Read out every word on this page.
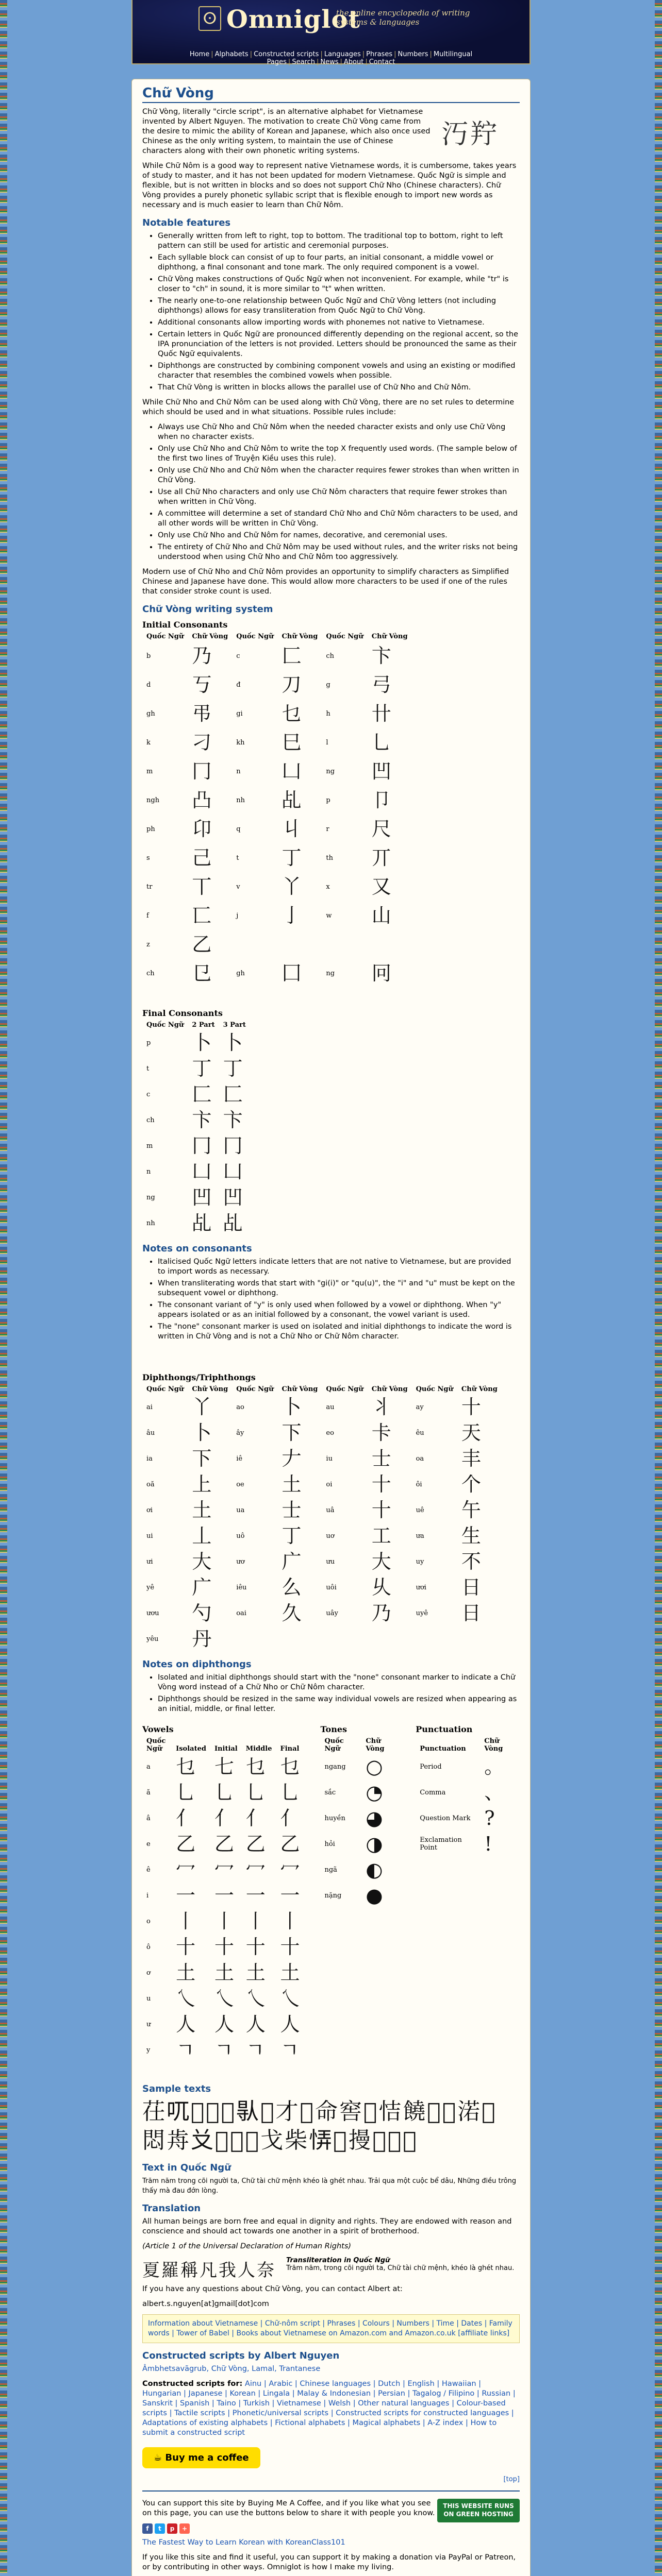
ⵙ Omniglot
the online encyclopedia of writing systems & languages
Home | Alphabets | Constructed scripts | Languages | Phrases | Numbers | Multilingual Pages | Search | News | About | Contact
Chữ Vòng
汅羜

Chữ Vòng, literally "circle script", is an alternative alphabet for Vietnamese invented by Albert Nguyen. The motivation to create Chữ Vòng came from the desire to mimic the ability of Korean and Japanese, which also once used Chinese as the only writing system, to maintain the use of Chinese characters along with their own phonetic writing systems.

While Chữ Nôm is a good way to represent native Vietnamese words, it is cumbersome, takes years of study to master, and it has not been updated for modern Vietnamese. Quốc Ngữ is simple and flexible, but is not written in blocks and so does not support Chữ Nho (Chinese characters). Chữ Vòng provides a purely phonetic syllabic script that is flexible enough to import new words as necessary and is much easier to learn than Chữ Nôm.

Notable features
• Generally written from left to right, top to bottom. The traditional top to bottom, right to left pattern can still be used for artistic and ceremonial purposes.
• Each syllable block can consist of up to four parts, an initial consonant, a middle vowel or diphthong, a final consonant and tone mark. The only required component is a vowel.
• Chữ Vòng makes constructions of Quốc Ngữ when not inconvenient. For example, while "tr" is closer to "ch" in sound, it is more similar to "t" when written.
• The nearly one-to-one relationship between Quốc Ngữ and Chữ Vòng letters (not including diphthongs) allows for easy transliteration from Quốc Ngữ to Chữ Vòng.
• Additional consonants allow importing words with phonemes not native to Vietnamese.
• Certain letters in Quốc Ngữ are pronounced differently depending on the regional accent, so the IPA pronunciation of the letters is not provided. Letters should be pronounced the same as their Quốc Ngữ equivalents.
• Diphthongs are constructed by combining component vowels and using an existing or modified character that resembles the combined vowels when possible.
• That Chữ Vòng is written in blocks allows the parallel use of Chữ Nho and Chữ Nôm.

While Chữ Nho and Chữ Nôm can be used along with Chữ Vòng, there are no set rules to determine which should be used and in what situations. Possible rules include:

• Always use Chữ Nho and Chữ Nôm when the needed character exists and only use Chữ Vòng when no character exists.
• Only use Chữ Nho and Chữ Nôm to write the top X frequently used words. (The sample below of the first two lines of Truyện Kiều uses this rule).
• Only use Chữ Nho and Chữ Nôm when the character requires fewer strokes than when written in Chữ Vòng.
• Use all Chữ Nho characters and only use Chữ Nôm characters that require fewer strokes than when written in Chữ Vòng.
• A committee will determine a set of standard Chữ Nho and Chữ Nôm characters to be used, and all other words will be written in Chữ Vòng.
• Only use Chữ Nho and Chữ Nôm for names, decorative, and ceremonial uses.
• The entirety of Chữ Nho and Chữ Nôm may be used without rules, and the writer risks not being understood when using Chữ Nho and Chữ Nôm too aggressively.

Modern use of Chữ Nho and Chữ Nôm provides an opportunity to simplify characters as Simplified Chinese and Japanese have done. This would allow more characters to be used if one of the rules that consider stroke count is used.

Chữ Vòng writing system
Initial Consonants
Quốc Ngữ	Chữ Vòng	Quốc Ngữ	Chữ Vòng	Quốc Ngữ	Chữ Vòng
b	乃	c	匚	ch	卞
d	丂	đ	刀	g	弓
gh	弔	gi	乜	h	卄
k	刁	kh	巳	l	乚
m	冂	n	凵	ng	凹
ngh	凸	nh	乩	p	卩
ph	卬	q	丩	r	尺
s	己	t	丁	th	丌
tr	丅	v	丫	x	又
f	匸	j	亅	w	山
z	乙				
ch	㔾	gh	囗	ng	冋
Final Consonants
Quốc Ngữ	2 Part	3 Part
p	卜	卜
t	丁	丁
c	匚	匚
ch	卞	卞
m	冂	冂
n	凵	凵
ng	凹	凹
nh	乩	乩
Notes on consonants
• Italicised Quốc Ngữ letters indicate letters that are not native to Vietnamese, but are provided to import words as necessary.
• When transliterating words that start with "gi(i)" or "qu(u)", the "i" and "u" must be kept on the subsequent vowel or diphthong.
• The consonant variant of "y" is only used when followed by a vowel or diphthong. When "y" appears isolated or as an initial followed by a consonant, the vowel variant is used.
• The "none" consonant marker is used on isolated and initial diphthongs to indicate the word is written in Chữ Vòng and is not a Chữ Nho or Chữ Nôm character.
Diphthongs/Triphthongs
Quốc Ngữ	Chữ Vòng	Quốc Ngữ	Chữ Vòng	Quốc Ngữ	Chữ Vòng	Quốc Ngữ	Chữ Vòng
ai	丫	ao	卜	au	丬	ay	十
âu	卜	ây	下	eo	卡	êu	天
ia	下	iê	𠂇	iu	士	oa	丰
oă	上	oe	土	oi	十	ôi	个
ơi	土	ua	士	uâ	十	uê	午
ui	丄	uô	丁	uơ	工	ưa	生
ưi	大	ươ	广	ưu	大	uy	不
yê	广	iêu	么	uôi	乆	ươi	日
ươu	勺	oai	久	uây	乃	uyê	日
yêu	丹						
Notes on diphthongs
• Isolated and initial diphthongs should start with the "none" consonant marker to indicate a Chữ Vòng word instead of a Chữ Nho or Chữ Nôm character.
• Diphthongs should be resized in the same way individual vowels are resized when appearing as an initial, middle, or final letter.
Vowels
Quốc Ngữ	Isolated	Initial	Middle	Final
a	乜	七	乜	乜
ă	乚	乚	乚	乚
â	亻	亻	亻	亻
e	乙	乙	乙	乙
ê	冖	冖	冖	冖
i	一	一	一	一
o	丨	丨	丨	丨
ô	十	十	十	十
ơ	土	土	土	土
u	乀	乀	乀	乀
ư	人	人	人	人
y	ㄱ	ㄱ	ㄱ	ㄱ
Tones
Quốc Ngữ	Chữ Vòng
ngang	○
sắc	◔
huyền	◕
hỏi	◑
ngã	◐
nặng	●
Punctuation
Punctuation	Chữ Vòng
Period	。
Comma	、
Question Mark	?
Exclamation Point	!
Sample texts
茌𠮾𦰟𠦳𥪞𠊛𡨸才𡨸命窖𦣰恄饒𣦆𡗶渃𧵑悶歬𠬠𣜶𢚸𫀅戈柴𢙱𠦘摱𢚸𠓨𩈘
Text in Quốc Ngữ

Trăm năm trong cõi người ta, Chữ tài chữ mệnh khéo là ghét nhau. Trải qua một cuộc bể dâu, Những điều trông thấy mà đau đớn lòng.

Translation

All human beings are born free and equal in dignity and rights. They are endowed with reason and conscience and should act towards one another in a spirit of brotherhood.

(Article 1 of the Universal Declaration of Human Rights)

夏羅稱凡我人奈 Transliteration in Quốc Ngữ
Trăm năm, trong cõi người ta, Chữ tài chữ mệnh, khéo là ghét nhau.

If you have any questions about Chữ Vòng, you can contact Albert at:

albert.s.nguyen[at]gmail[dot]com

Information about Vietnamese | Chữ-nôm script | Phrases | Colours | Numbers | Time | Dates | Family words | Tower of Babel | Books about Vietnamese on Amazon.com and Amazon.co.uk [affiliate links]
Constructed scripts by Albert Nguyen

Âmbhetsavãgrub, Chữ Vòng, Lamal, Trantanese

Constructed scripts for: Ainu | Arabic | Chinese languages | Dutch | English | Hawaiian | Hungarian | Japanese | Korean | Lingala | Malay & Indonesian | Persian | Tagalog / Filipino | Russian | Sanskrit | Spanish | Taino | Turkish | Vietnamese | Welsh | Other natural languages | Colour-based scripts | Tactile scripts | Phonetic/universal scripts | Constructed scripts for constructed languages | Adaptations of existing alphabets | Fictional alphabets | Magical alphabets | A-Z index | How to submit a constructed script

☕ Buy me a coffee
[top]
THIS WEBSITE RUNS ON GREEN HOSTING

You can support this site by Buying Me A Coffee, and if you like what you see on this page, you can use the buttons below to share it with people you know.

f	t	p	+

The Fastest Way to Learn Korean with KoreanClass101

If you like this site and find it useful, you can support it by making a donation via PayPal or Patreon, or by contributing in other ways. Omniglot is how I make my living.
